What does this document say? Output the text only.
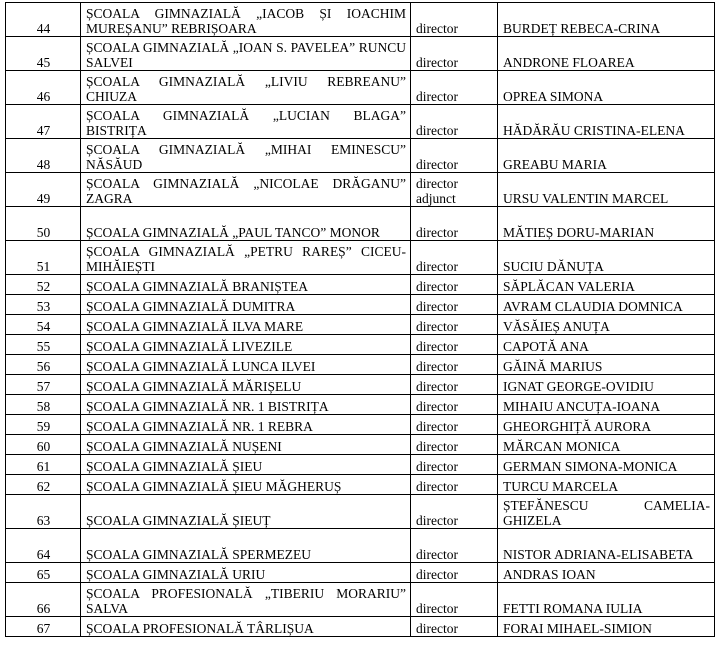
44	ȘCOALA GIMNAZIALĂ „IACOB ȘI IOACHIM MUREȘANU” REBRIȘOARA	director	BURDEȚ REBECA-CRINA
45	ȘCOALA GIMNAZIALĂ „IOAN S. PAVELEA” RUNCU SALVEI	director	ANDRONE FLOAREA
46	ȘCOALA GIMNAZIALĂ „LIVIU REBREANU” CHIUZA	director	OPREA SIMONA
47	ȘCOALA GIMNAZIALĂ „LUCIAN BLAGA” BISTRIȚA	director	HĂDĂRĂU CRISTINA-ELENA
48	ȘCOALA GIMNAZIALĂ „MIHAI EMINESCU” NĂSĂUD	director	GREABU MARIA
49	ȘCOALA GIMNAZIALĂ „NICOLAE DRĂGANU” ZAGRA	director adjunct	URSU VALENTIN MARCEL
50	ȘCOALA GIMNAZIALĂ „PAUL TANCO” MONOR	director	MĂTIEȘ DORU-MARIAN
51	ȘCOALA GIMNAZIALĂ „PETRU RAREȘ” CICEU-MIHĂIEȘTI	director	SUCIU DĂNUȚA
52	ȘCOALA GIMNAZIALĂ BRANIȘTEA	director	SĂPLĂCAN VALERIA
53	ȘCOALA GIMNAZIALĂ DUMITRA	director	AVRAM CLAUDIA DOMNICA
54	ȘCOALA GIMNAZIALĂ ILVA MARE	director	VĂSĂIEȘ ANUȚA
55	ȘCOALA GIMNAZIALĂ LIVEZILE	director	CAPOTĂ ANA
56	ȘCOALA GIMNAZIALĂ LUNCA ILVEI	director	GĂINĂ MARIUS
57	ȘCOALA GIMNAZIALĂ MĂRIȘELU	director	IGNAT GEORGE-OVIDIU
58	ȘCOALA GIMNAZIALĂ NR. 1 BISTRIȚA	director	MIHAIU ANCUȚA-IOANA
59	ȘCOALA GIMNAZIALĂ NR. 1 REBRA	director	GHEORGHIȚĂ AURORA
60	ȘCOALA GIMNAZIALĂ NUȘENI	director	MĂRCAN MONICA
61	ȘCOALA GIMNAZIALĂ ȘIEU	director	GERMAN SIMONA-MONICA
62	ȘCOALA GIMNAZIALĂ ȘIEU MĂGHERUȘ	director	TURCU MARCELA
63	ȘCOALA GIMNAZIALĂ ȘIEUȚ	director	ȘTEFĂNESCU CAMELIA-GHIZELA
64	ȘCOALA GIMNAZIALĂ SPERMEZEU	director	NISTOR ADRIANA-ELISABETA
65	ȘCOALA GIMNAZIALĂ URIU	director	ANDRAS IOAN
66	ȘCOALA PROFESIONALĂ „TIBERIU MORARIU” SALVA	director	FETTI ROMANA IULIA
67	ȘCOALA PROFESIONALĂ TÂRLIȘUA	director	FORAI MIHAEL-SIMION
